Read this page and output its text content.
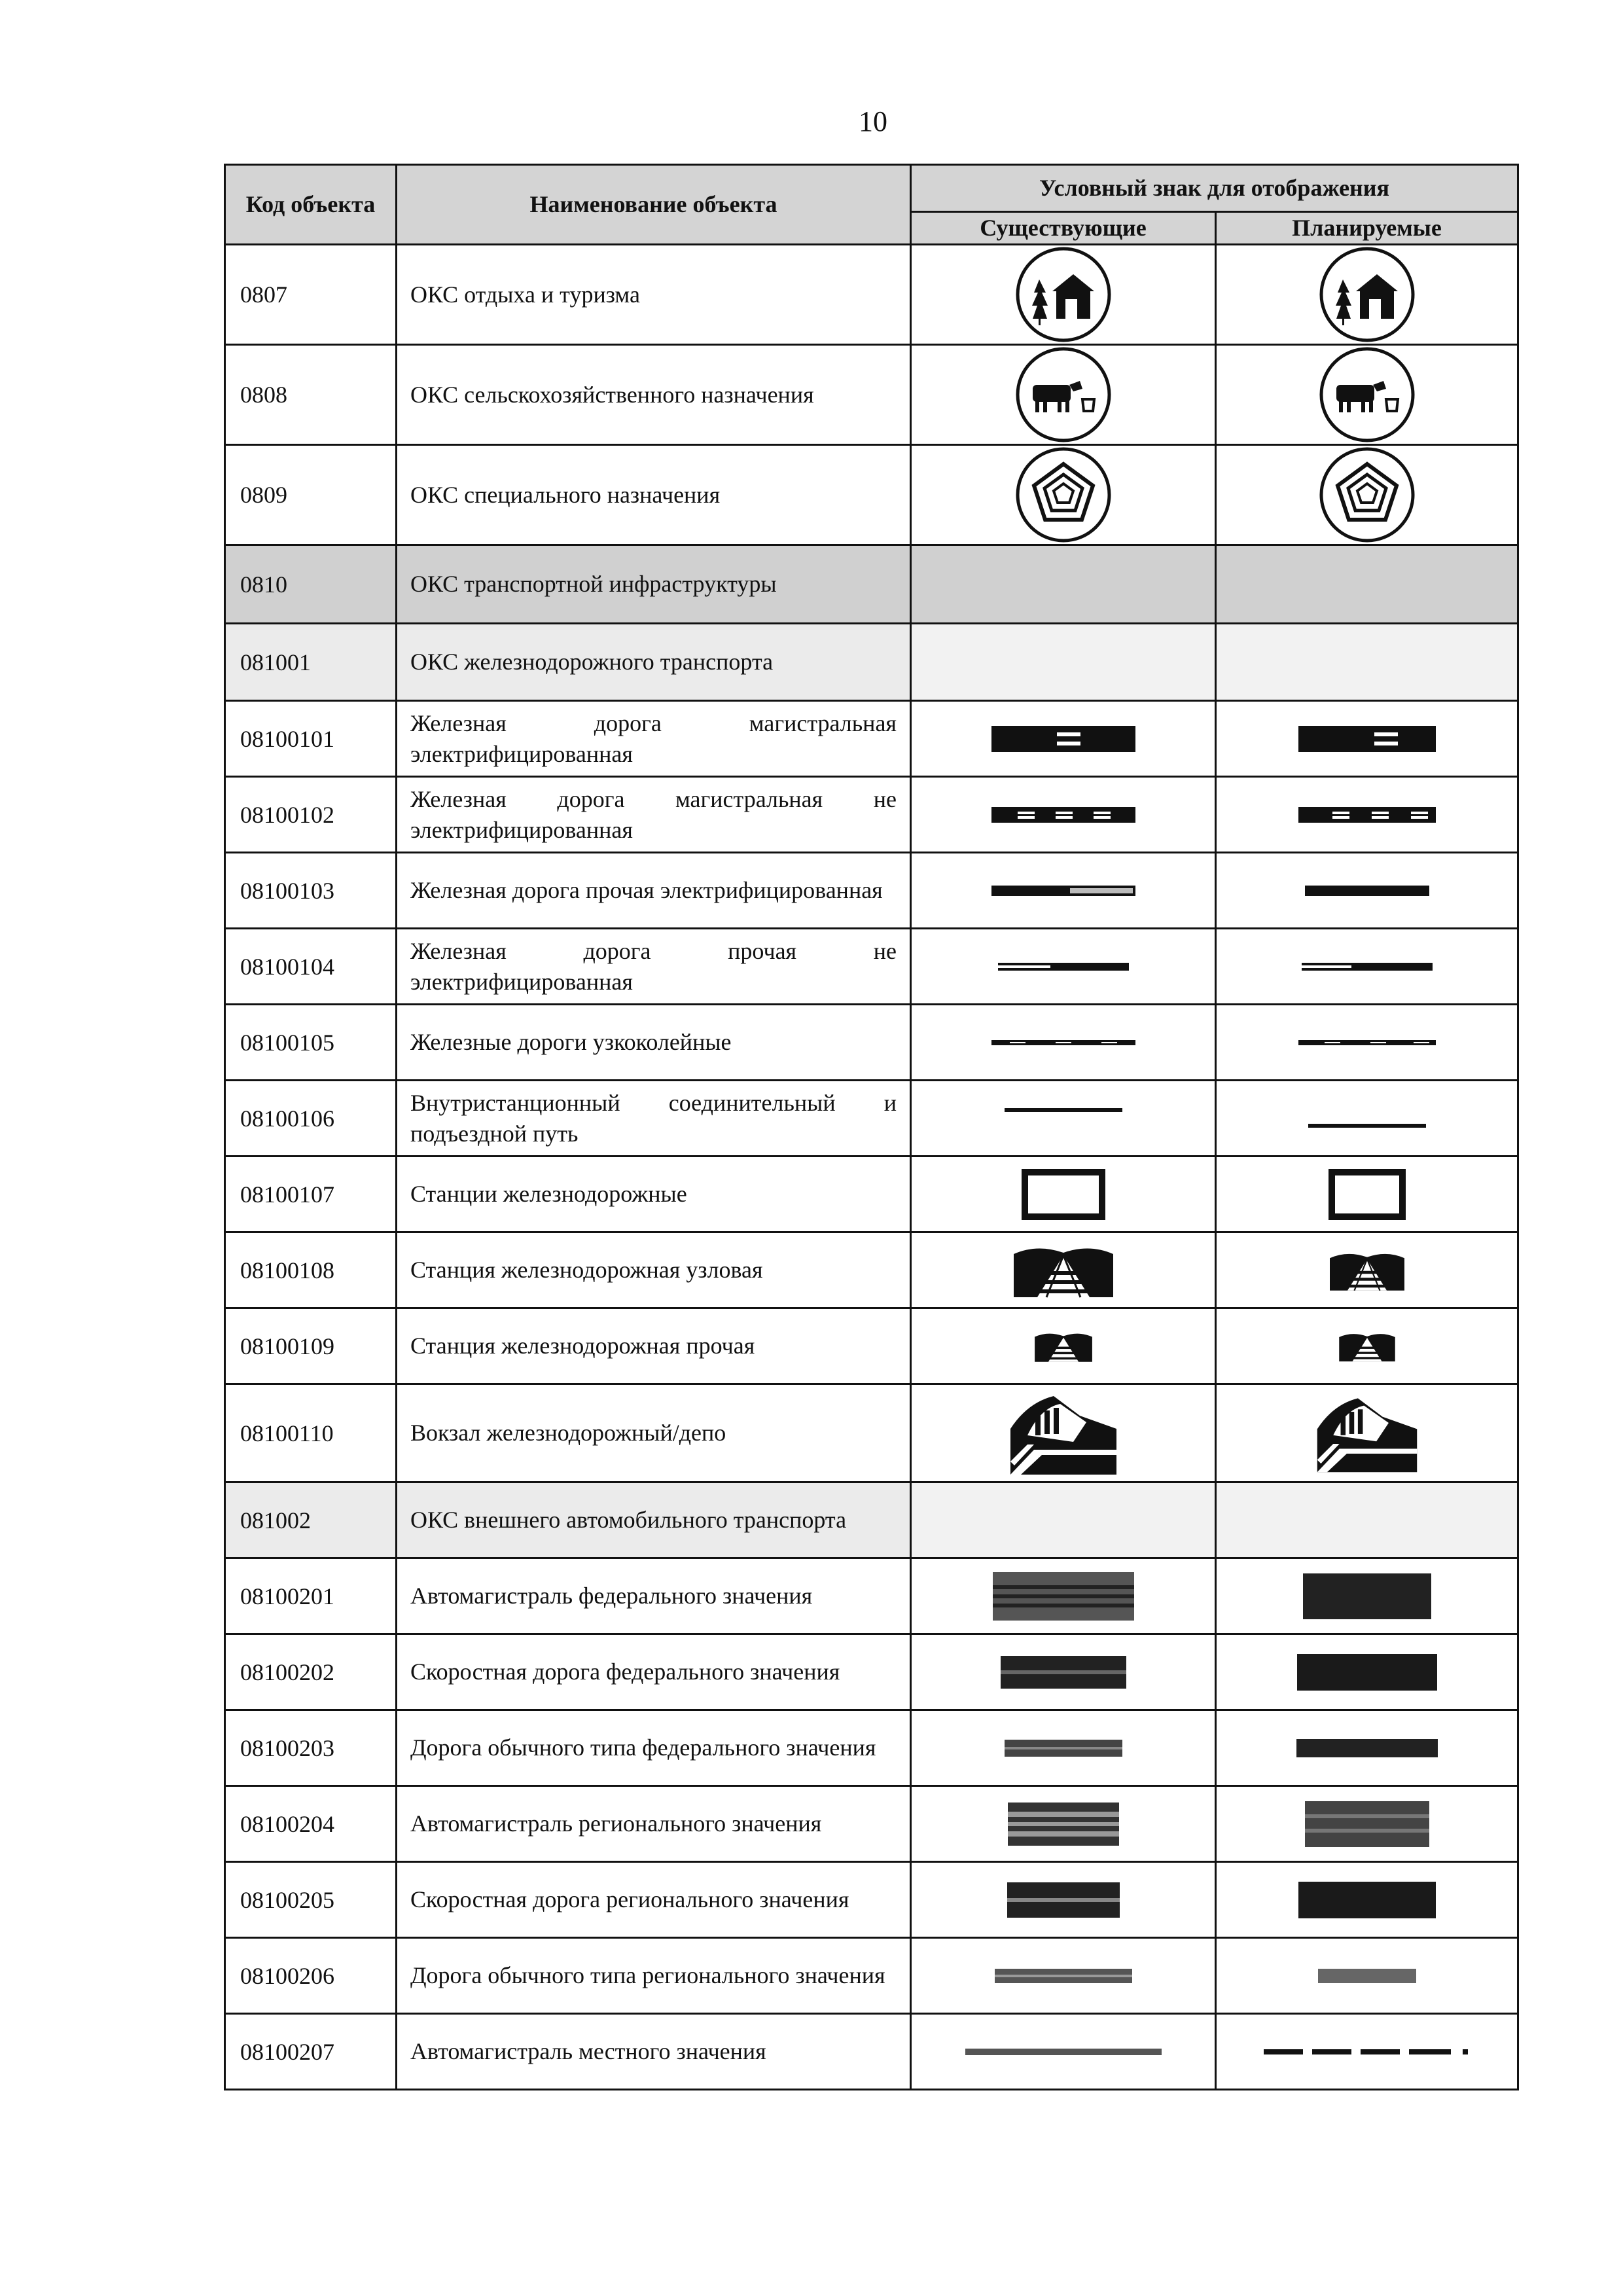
10
Код объекта	Наименование объекта	Условный знак для отображения	
		Существующие	Планируемые
0807	ОКС отдыха и туризма	

0808	ОКС сельскохозяйственного назначения	

0809	ОКС специального назначения	

0810	ОКС транспортной инфраструктуры		
081001	ОКС железнодорожного транспорта		
08100101	Железная дорога магистральная электрифицированная	

08100102	Железная дорога магистральная не электрифицированная	

08100103	Железная дорога прочая электрифицированная	

08100104	Железная дорога прочая не электрифицированная	

08100105	Железные дороги узкоколейные	

08100106	Внутристанционный соединительный и подъездной путь	

08100107	Станции железнодорожные	

08100108	Станция железнодорожная узловая	

08100109	Станция железнодорожная прочая	

08100110	Вокзал железнодорожный/депо	

081002	ОКС внешнего автомобильного транспорта		
08100201	Автомагистраль федерального значения	

08100202	Скоростная дорога федерального значения	

08100203	Дорога обычного типа федерального значения	

08100204	Автомагистраль регионального значения	

08100205	Скоростная дорога регионального значения	

08100206	Дорога обычного типа регионального значения	

08100207	Автомагистраль местного значения	
